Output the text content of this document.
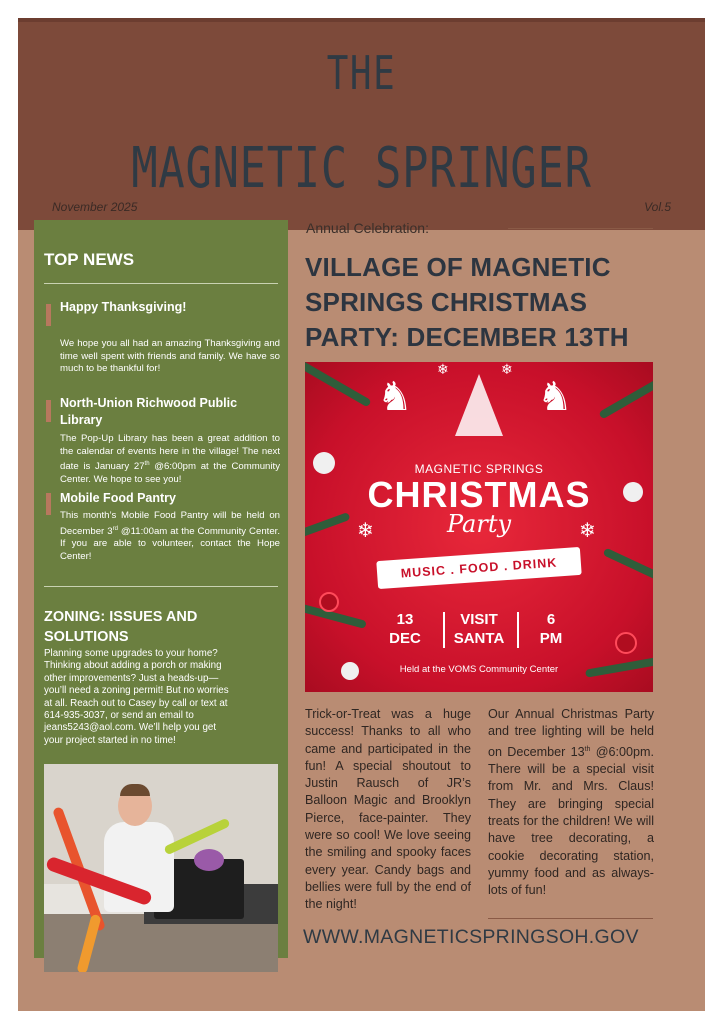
THE
MAGNETIC SPRINGER
November 2025	Vol.5
TOP NEWS
Happy Thanksgiving!
We hope you all had an amazing Thanksgiving and time well spent with friends and family. We have so much to be thankful for!
North-Union Richwood Public Library
The Pop-Up Library has been a great addition to the calendar of events here in the village! The next date is January 27th @6:00pm at the Community Center. We hope to see you!
Mobile Food Pantry
This month’s Mobile Food Pantry will be held on December 3rd @11:00am at the Community Center. If you are able to volunteer, contact the Hope Center!
ZONING: ISSUES AND SOLUTIONS
Planning some upgrades to your home? Thinking about adding a porch or making other improvements? Just a heads-up—you’ll need a zoning permit! But no worries at all. Reach out to Casey by call or text at 614-935-3037, or send an email to jeans5243@aol.com. We’ll help you get your project started in no time!
Annual Celebration:
VILLAGE OF MAGNETIC SPRINGS CHRISTMAS PARTY: DECEMBER 13TH
♞	♞
❄	❄
❄	❄
MAGNETIC SPRINGS
CHRISTMAS
Party
MUSIC . FOOD . DRINK
13
DEC
VISIT
SANTA
6
PM
Held at the VOMS Community Center
Trick-or-Treat was a huge success! Thanks to all who came and participated in the fun! A special shoutout to Justin Rausch of JR’s Balloon Magic and Brooklyn Pierce, face-painter. They were so cool! We love seeing the smiling and spooky faces every year. Candy bags and bellies were full by the end of the night!
Our Annual Christmas Party and tree lighting will be held on December 13th @6:00pm. There will be a special visit from Mr. and Mrs. Claus! They are bringing special treats for the children! We will have tree decorating, a cookie decorating station, yummy food and as always-lots of fun!
WWW.MAGNETICSPRINGSOH.GOV
